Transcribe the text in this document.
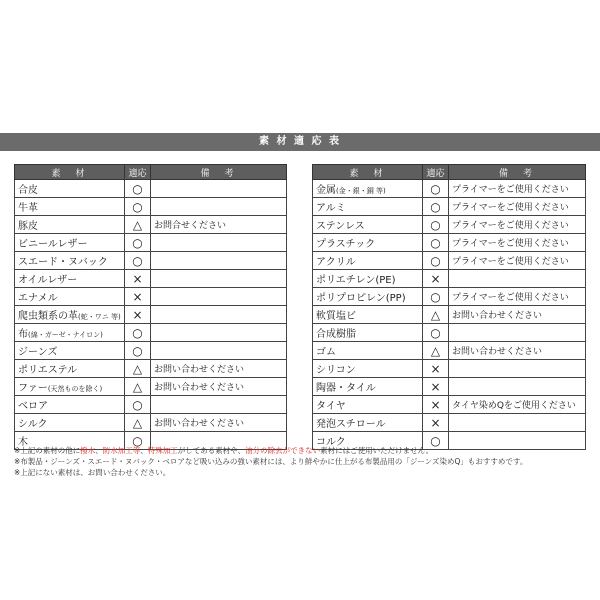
素 材 適 応 表
素　材	適応	備　考
合皮	○	
牛革	○	
豚皮	△	お問合せください
ビニールレザー	○	
スエード・ヌバック	○	
オイルレザー	×	
エナメル	×	
爬虫類系の革(蛇・ワニ 等)	×	
布(綿・ガーゼ・ナイロン)	○	
ジーンズ	○	
ポリエステル	△	お問い合わせください
ファー(天然ものを除く)	△	お問い合わせください
ベロア	○	
シルク	△	お問い合わせください
木	○	
素　材	適応	備　考
金属(金・銀・銅 等)	○	プライマーをご使用ください
アルミ	○	プライマーをご使用ください
ステンレス	○	プライマーをご使用ください
プラスチック	○	プライマーをご使用ください
アクリル	○	プライマーをご使用ください
ポリエチレン(PE)	×	
ポリプロピレン(PP)	○	プライマーをご使用ください
軟質塩ビ	△	お問い合わせください
合成樹脂	○	
ゴム	△	お問い合わせください
シリコン	×	
陶器・タイル	×	
タイヤ	×	タイヤ染めQをご使用ください
発泡スチロール	×	
コルク	○	
※上記の素材の他に撥水、防水加工等、特殊加工がしてある素材や、油分の除去ができない素材にはご使用いただけません。
※布製品・ジーンズ・スエード・ヌバック・ベロアなど吸い込みの強い素材には、より鮮やかに仕上がる布製品用の「ジーンズ染めQ」もおすすめです。
※上記にない素材は、お問い合わせください。
